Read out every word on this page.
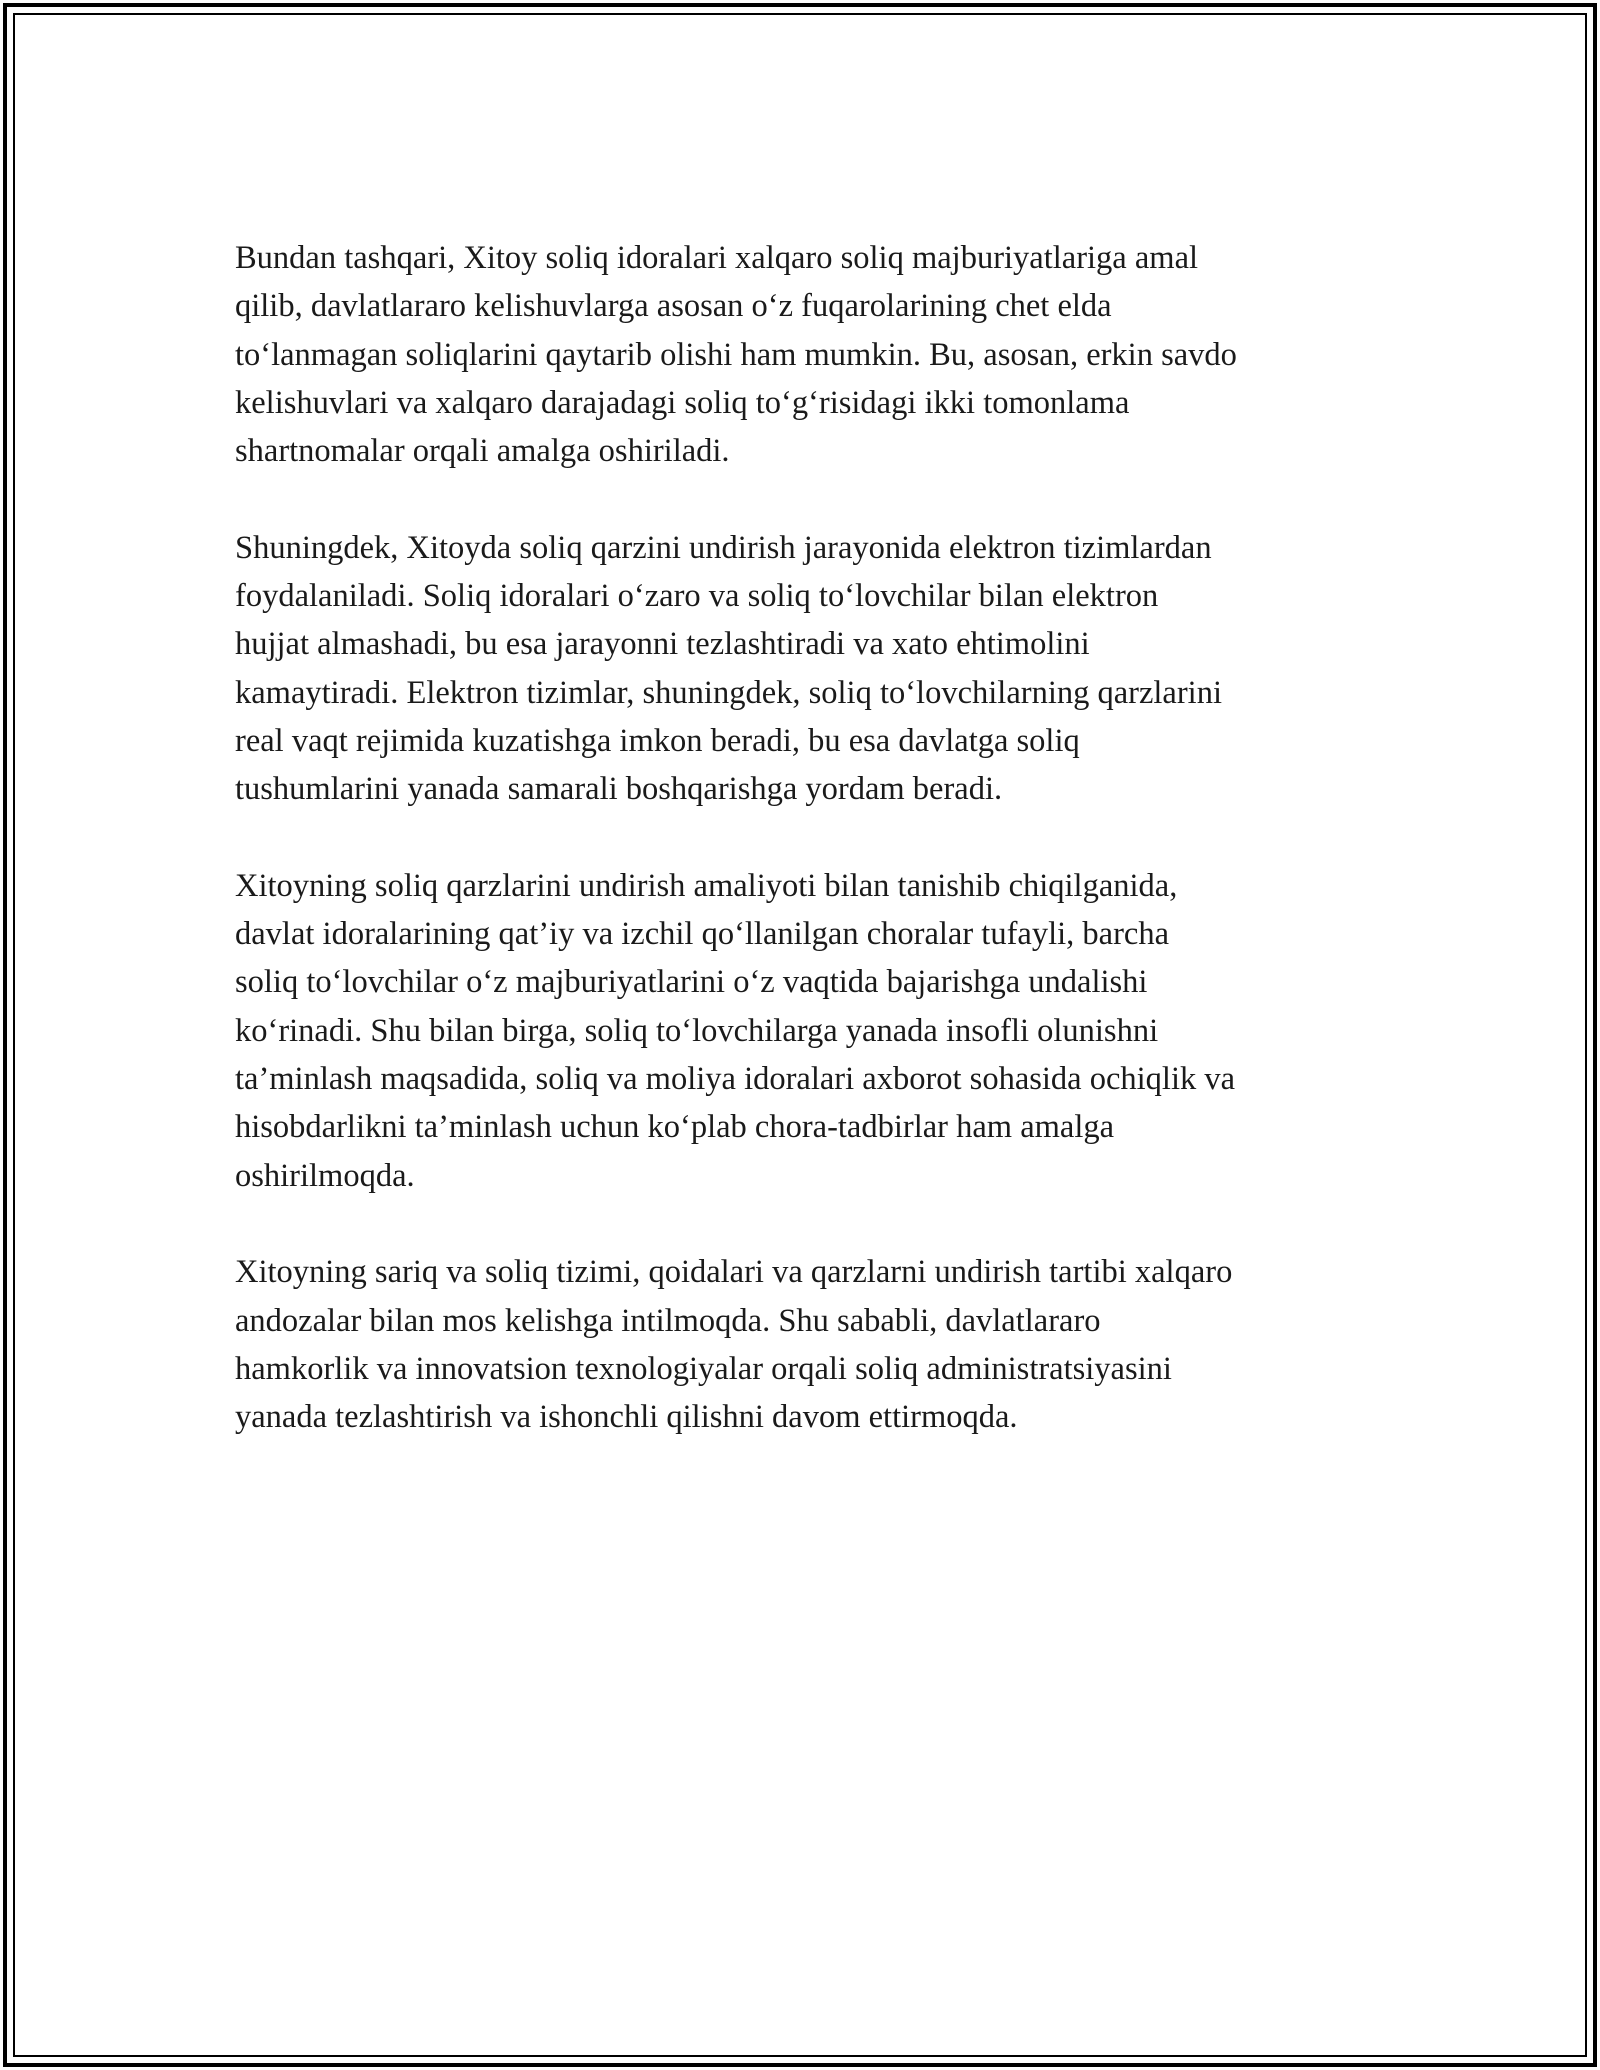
Bundan tashqari, Xitoy soliq idoralari xalqaro soliq majburiyatlariga amal
qilib, davlatlararo kelishuvlarga asosan o‘z fuqarolarining chet elda
to‘lanmagan soliqlarini qaytarib olishi ham mumkin. Bu, asosan, erkin savdo
kelishuvlari va xalqaro darajadagi soliq to‘g‘risidagi ikki tomonlama
shartnomalar orqali amalga oshiriladi.

Shuningdek, Xitoyda soliq qarzini undirish jarayonida elektron tizimlardan
foydalaniladi. Soliq idoralari o‘zaro va soliq to‘lovchilar bilan elektron
hujjat almashadi, bu esa jarayonni tezlashtiradi va xato ehtimolini
kamaytiradi. Elektron tizimlar, shuningdek, soliq to‘lovchilarning qarzlarini
real vaqt rejimida kuzatishga imkon beradi, bu esa davlatga soliq
tushumlarini yanada samarali boshqarishga yordam beradi.

Xitoyning soliq qarzlarini undirish amaliyoti bilan tanishib chiqilganida,
davlat idoralarining qat’iy va izchil qo‘llanilgan choralar tufayli, barcha
soliq to‘lovchilar o‘z majburiyatlarini o‘z vaqtida bajarishga undalishi
ko‘rinadi. Shu bilan birga, soliq to‘lovchilarga yanada insofli olunishni
ta’minlash maqsadida, soliq va moliya idoralari axborot sohasida ochiqlik va
hisobdarlikni ta’minlash uchun ko‘plab chora-tadbirlar ham amalga
oshirilmoqda.

Xitoyning sariq va soliq tizimi, qoidalari va qarzlarni undirish tartibi xalqaro
andozalar bilan mos kelishga intilmoqda. Shu sababli, davlatlararo
hamkorlik va innovatsion texnologiyalar orqali soliq administratsiyasini
yanada tezlashtirish va ishonchli qilishni davom ettirmoqda.
